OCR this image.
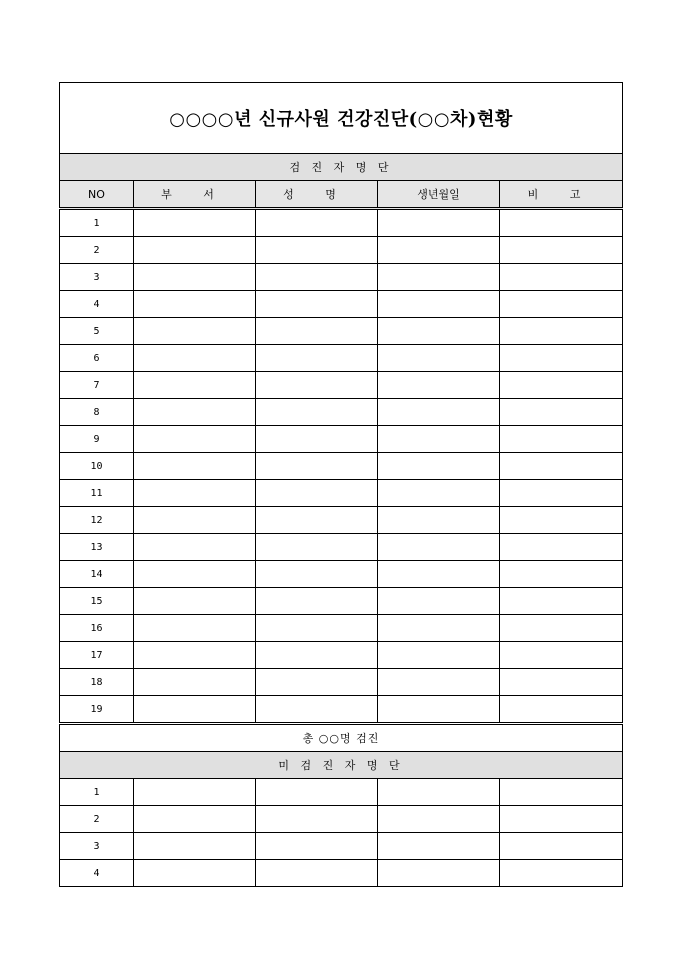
○○○○년 신규사원 건강진단(○○차)현황				
검 진 자 명 단				
NO	부 서	성 명	생년월일	비 고
1				
2				
3				
4				
5				
6				
7				
8				
9				
10				
11				
12				
13				
14				
15				
16				
17				
18				
19				
총 ○○명 검진				
미 검 진 자 명 단				
1				
2				
3				
4				
